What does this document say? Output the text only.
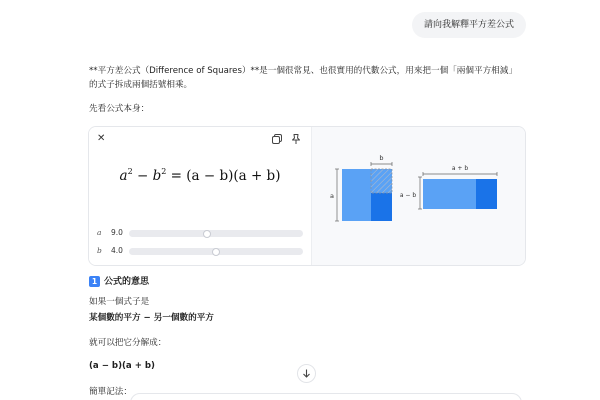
請向我解釋平方差公式
**平方差公式（Difference of Squares）**是一個很常見、也很實用的代數公式，用來把一個「兩個平方相減」
的式子拆成兩個括號相乘。
先看公式本身：
✕
$a^2 - b^2 = (a - b)(a + b)$
a 9.0
b 4.0
b
a	a − b
a + b
1 公式的意思
如果一個式子是
某個數的平方 − 另一個數的平方
就可以把它分解成：
(a − b)(a + b)
簡單記法：
